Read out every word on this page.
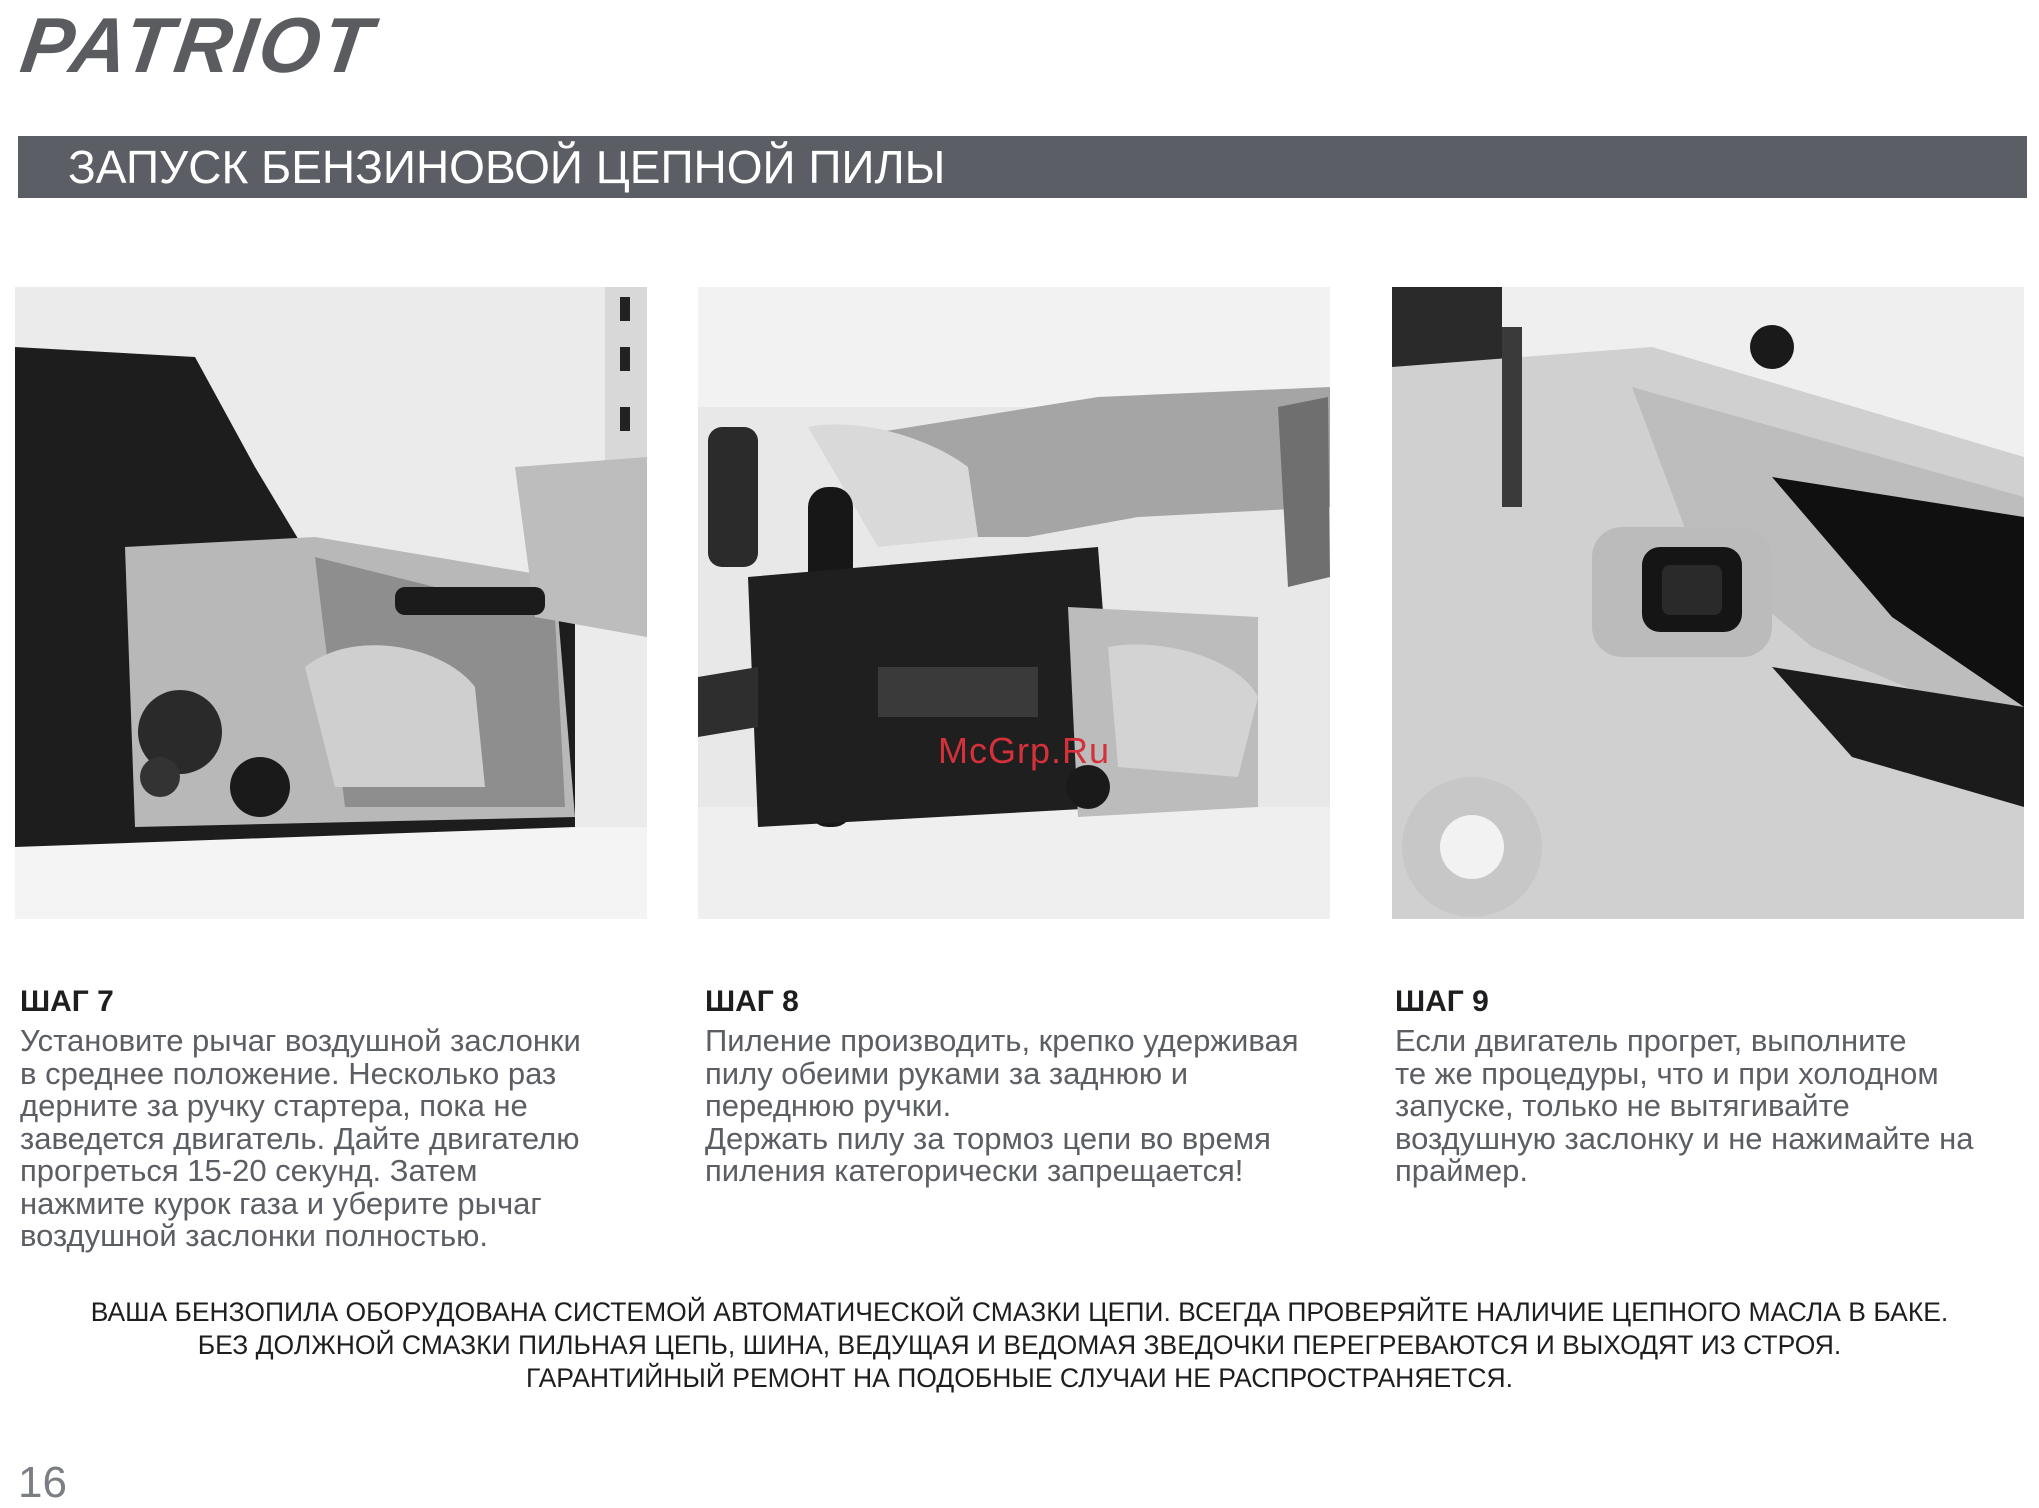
PATRIOT
ЗАПУСК БЕНЗИНОВОЙ ЦЕПНОЙ ПИЛЫ
McGrp.Ru
ШАГ 7

Установите рычаг воздушной заслонки
в среднее положение. Несколько раз
дерните за ручку стартера, пока не
заведется двигатель. Дайте двигателю
прогреться 15-20 секунд. Затем
нажмите курок газа и уберите рычаг
воздушной заслонки полностью.

ШАГ 8

Пиление производить, крепко удерживая
пилу обеими руками за заднюю и
переднюю ручки.
Держать пилу за тормоз цепи во время
пиления категорически запрещается!

ШАГ 9

Если двигатель прогрет, выполните
те же процедуры, что и при холодном
запуске, только не вытягивайте
воздушную заслонку и не нажимайте на
праймер.

ВАША БЕНЗОПИЛА ОБОРУДОВАНА СИСТЕМОЙ АВТОМАТИЧЕСКОЙ СМАЗКИ ЦЕПИ. ВСЕГДА ПРОВЕРЯЙТЕ НАЛИЧИЕ ЦЕПНОГО МАСЛА В БАКЕ.
БЕЗ ДОЛЖНОЙ СМАЗКИ ПИЛЬНАЯ ЦЕПЬ, ШИНА, ВЕДУЩАЯ И ВЕДОМАЯ ЗВЕДОЧКИ ПЕРЕГРЕВАЮТСЯ И ВЫХОДЯТ ИЗ СТРОЯ.
ГАРАНТИЙНЫЙ РЕМОНТ НА ПОДОБНЫЕ СЛУЧАИ НЕ РАСПРОСТРАНЯЕТСЯ.
16
